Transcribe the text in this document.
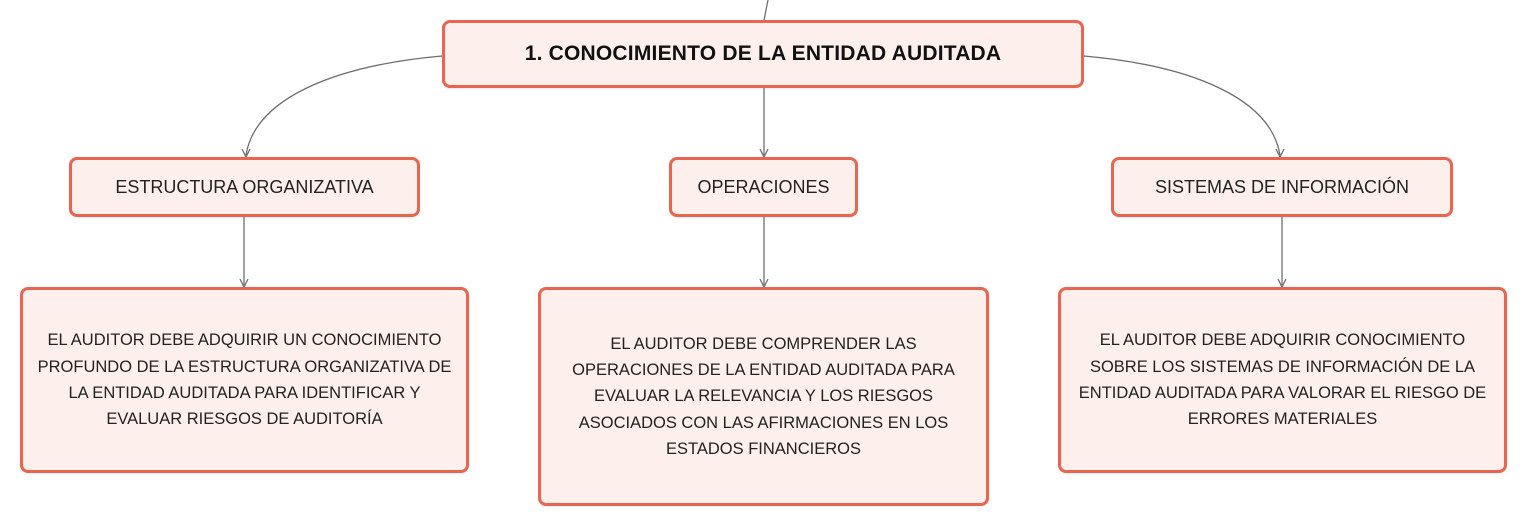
1. CONOCIMIENTO DE LA ENTIDAD AUDITADA
ESTRUCTURA ORGANIZATIVA	OPERACIONES	SISTEMAS DE INFORMACIÓN
EL AUDITOR DEBE ADQUIRIR UN CONOCIMIENTO PROFUNDO DE LA ESTRUCTURA ORGANIZATIVA DE LA ENTIDAD AUDITADA PARA IDENTIFICAR Y EVALUAR RIESGOS DE AUDITORÍA
EL AUDITOR DEBE COMPRENDER LAS OPERACIONES DE LA ENTIDAD AUDITADA PARA EVALUAR LA RELEVANCIA Y LOS RIESGOS ASOCIADOS CON LAS AFIRMACIONES EN LOS ESTADOS FINANCIEROS
EL AUDITOR DEBE ADQUIRIR CONOCIMIENTO SOBRE LOS SISTEMAS DE INFORMACIÓN DE LA ENTIDAD AUDITADA PARA VALORAR EL RIESGO DE ERRORES MATERIALES
